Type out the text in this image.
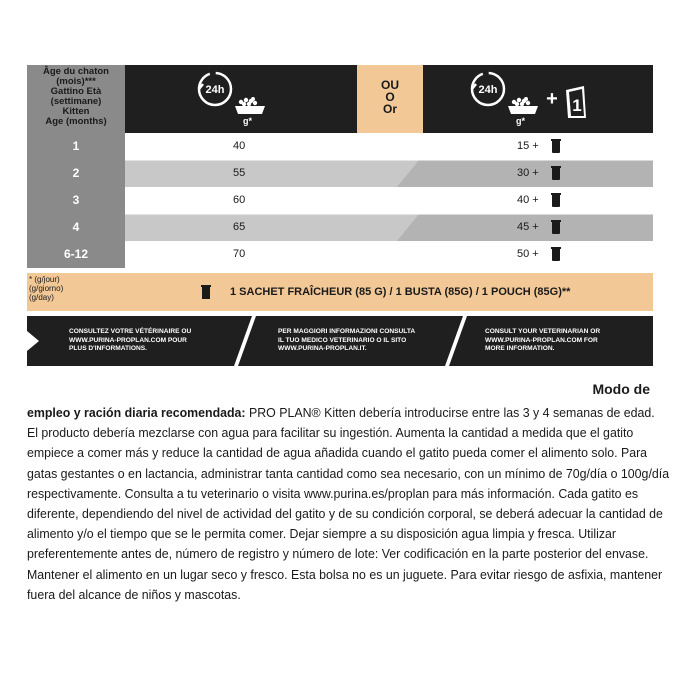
Âge du chaton
(mois)***
Gattino Età
(settimane)
Kitten
Age (months)
24h
g*
OU
O
Or
24h
g*
+ 1
1	40	15 +
2	55	30 +
3	60	40 +
4	65	45 +
6-12	70	50 +
* (g/jour)
(g/giorno)
(g/day)	1 SACHET FRAÎCHEUR (85 G) / 1 BUSTA (85G) / 1 POUCH (85G)**
CONSULTEZ VOTRE VÉTÉRINAIRE OU
WWW.PURINA-PROPLAN.COM POUR
PLUS D'INFORMATIONS.
PER MAGGIORI INFORMAZIONI CONSULTA
IL TUO MEDICO VETERINARIO O IL SITO
WWW.PURINA-PROPLAN.IT.
CONSULT YOUR VETERINARIAN OR
WWW.PURINA-PROPLAN.COM FOR
MORE INFORMATION.
Modo de

empleo y ración diaria recomendada: PRO PLAN® Kitten debería introducirse entre las 3 y 4 semanas de edad.

El producto debería mezclarse con agua para facilitar su ingestión. Aumenta la cantidad a medida que el gatito

empiece a comer más y reduce la cantidad de agua añadida cuando el gatito pueda comer el alimento solo. Para

gatas gestantes o en lactancia, administrar tanta cantidad como sea necesario, con un mínimo de 70g/día o 100g/día

respectivamente. Consulta a tu veterinario o visita www.purina.es/proplan para más información. Cada gatito es

diferente, dependiendo del nivel de actividad del gatito y de su condición corporal, se deberá adecuar la cantidad de

alimento y/o el tiempo que se le permita comer. Dejar siempre a su disposición agua limpia y fresca. Utilizar

preferentemente antes de, número de registro y número de lote: Ver codificación en la parte posterior del envase.

Mantener el alimento en un lugar seco y fresco. Esta bolsa no es un juguete. Para evitar riesgo de asfixia, mantener

fuera del alcance de niños y mascotas.
